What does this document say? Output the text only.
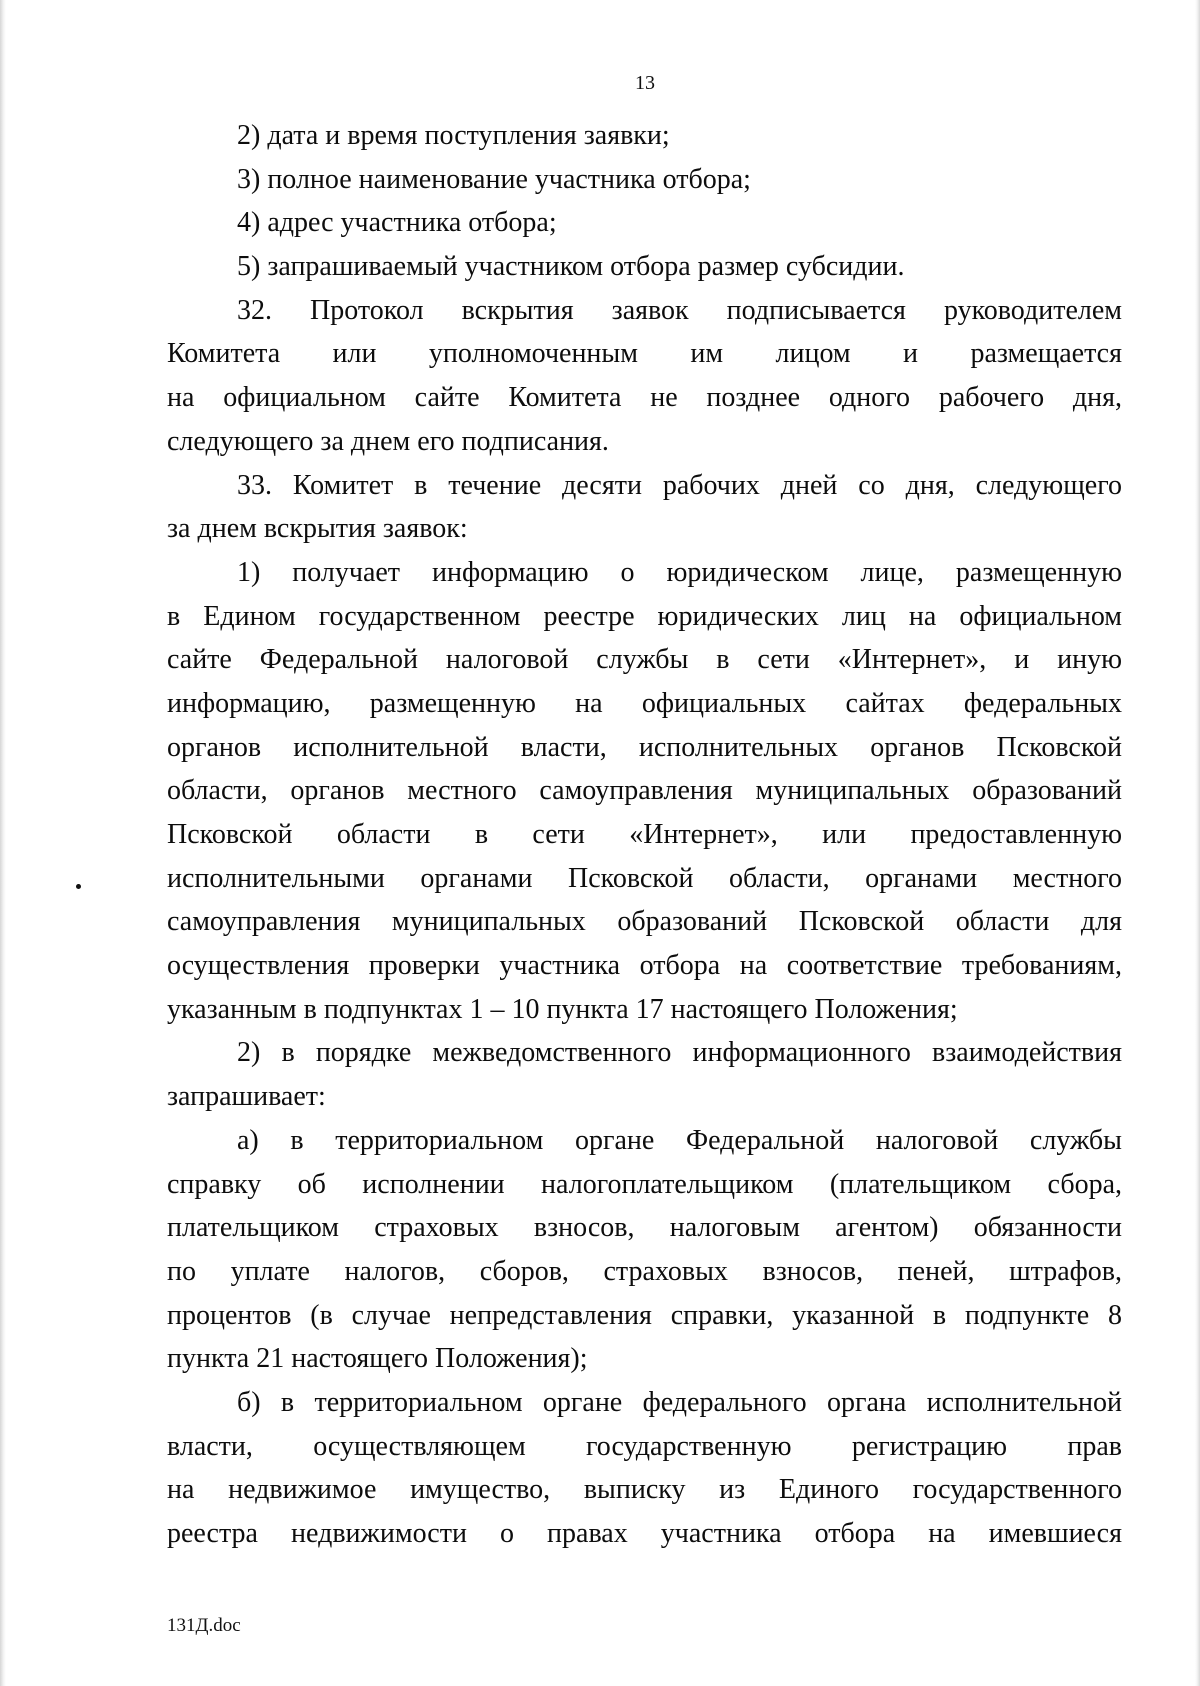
13
2) дата и время поступления заявки;
3) полное наименование участника отбора;
4) адрес участника отбора;
5) запрашиваемый участником отбора размер субсидии.
32. Протокол вскрытия заявок подписывается руководителем
Комитета или уполномоченным им лицом и размещается
на официальном сайте Комитета не позднее одного рабочего дня,
следующего за днем его подписания.
33. Комитет в течение десяти рабочих дней со дня, следующего
за днем вскрытия заявок:
1) получает информацию о юридическом лице, размещенную
в Едином государственном реестре юридических лиц на официальном
сайте Федеральной налоговой службы в сети «Интернет», и иную
информацию, размещенную на официальных сайтах федеральных
органов исполнительной власти, исполнительных органов Псковской
области, органов местного самоуправления муниципальных образований
Псковской области в сети «Интернет», или предоставленную
исполнительными органами Псковской области, органами местного
самоуправления муниципальных образований Псковской области для
осуществления проверки участника отбора на соответствие требованиям,
указанным в подпунктах 1 – 10 пункта 17 настоящего Положения;
2) в порядке межведомственного информационного взаимодействия
запрашивает:
а) в территориальном органе Федеральной налоговой службы
справку об исполнении налогоплательщиком (плательщиком сбора,
плательщиком страховых взносов, налоговым агентом) обязанности
по уплате налогов, сборов, страховых взносов, пеней, штрафов,
процентов (в случае непредставления справки, указанной в подпункте 8
пункта 21 настоящего Положения);
б) в территориальном органе федерального органа исполнительной
власти, осуществляющем государственную регистрацию прав
на недвижимое имущество, выписку из Единого государственного
реестра недвижимости о правах участника отбора на имевшиеся
131Д.doc
